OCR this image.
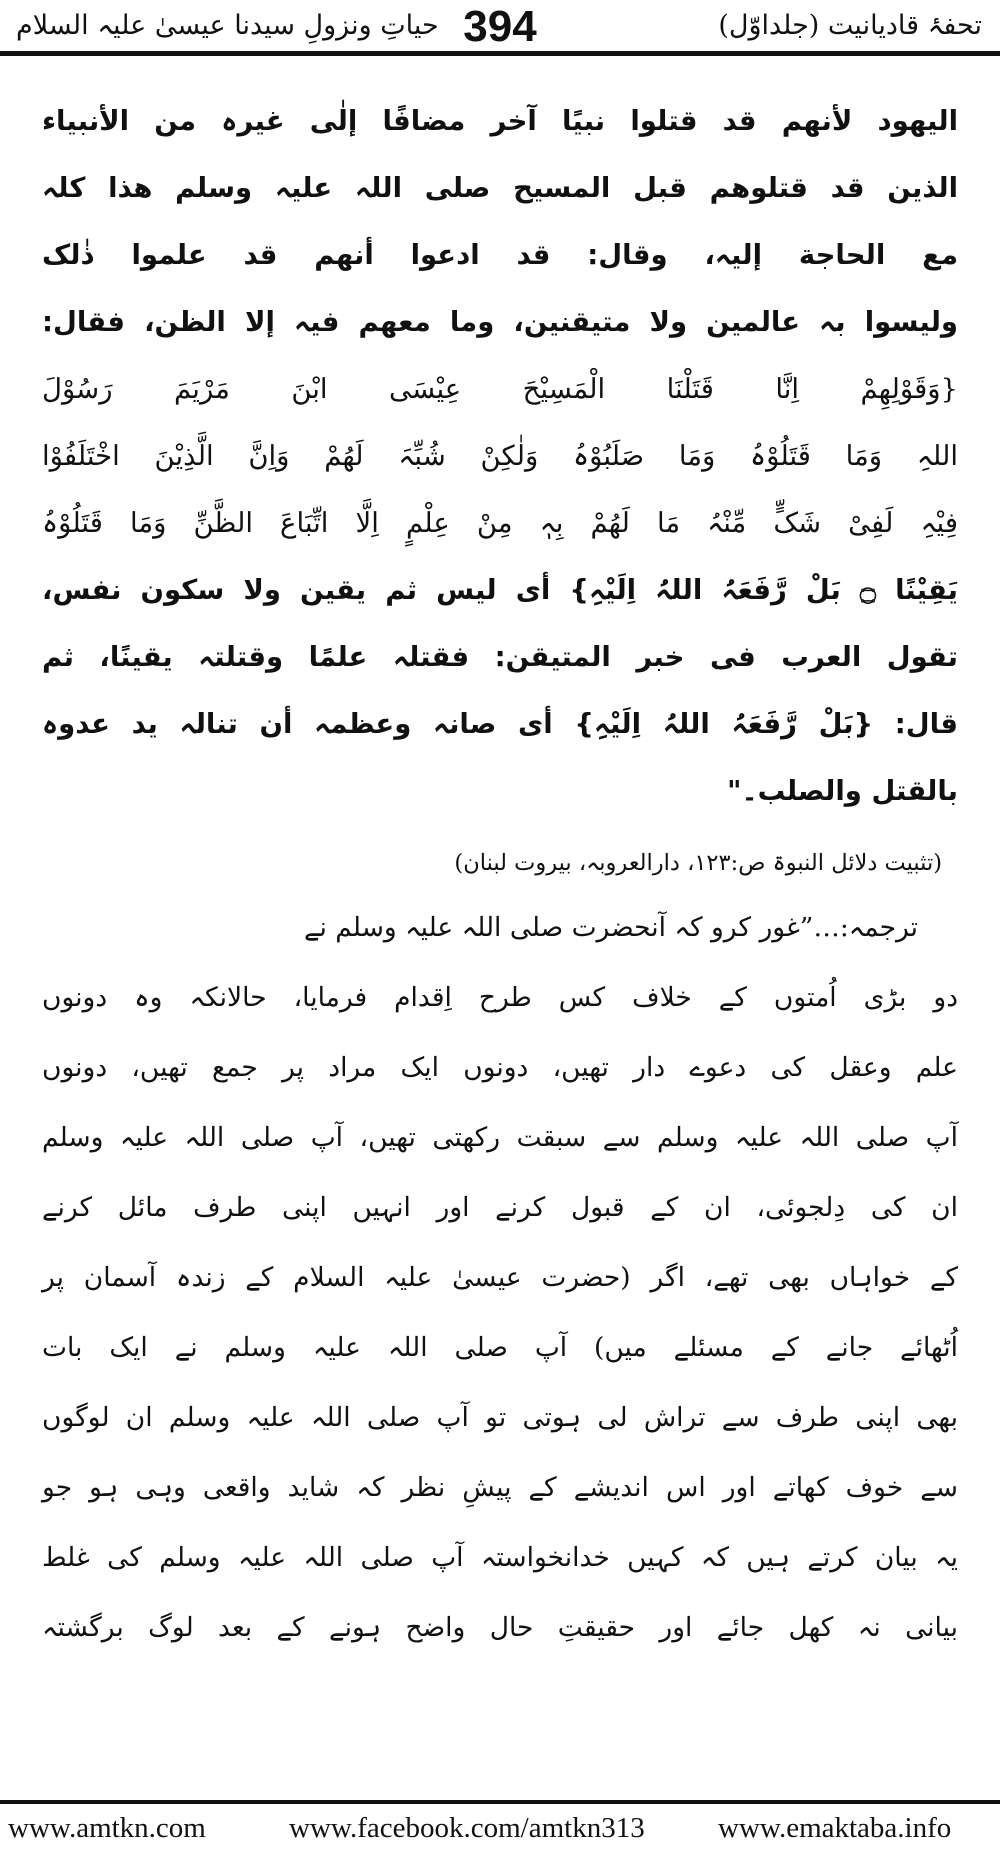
تحفۂ قادیانیت (جلداوّل)
394
حیاتِ ونزولِ سیدنا عیسیٰ علیہ السلام

الیھود لأنھم قد قتلوا نبیًا آخر مضافًا إلٰی غیرہ من الأنبیاء

الذین قد قتلوھم قبل المسیح صلی اللہ علیہ وسلم ھذا کلہ

مع الحاجة إلیہ، وقال: قد ادعوا أنھم قد علموا ذٰلک

ولیسوا بہ عالمین ولا متیقنین، وما معھم فیہ إلا الظن، فقال:

{وَقَوْلِھِمْ اِنَّا قَتَلْنَا الْمَسِیْحَ عِیْسَی ابْنَ مَرْیَمَ رَسُوْلَ

اللہِ وَمَا قَتَلُوْہُ وَمَا صَلَبُوْہُ وَلٰکِنْ شُبِّہَ لَھُمْ وَاِنَّ الَّذِیْنَ اخْتَلَفُوْا

فِیْہِ لَفِیْ شَکٍّ مِّنْہُ مَا لَھُمْ بِہٖ مِنْ عِلْمٍ اِلَّا اتِّبَاعَ الظَّنِّ وَمَا قَتَلُوْہُ

یَقِیْنًا ۝ بَلْ رَّفَعَہُ اللہُ اِلَیْہِ} أی لیس ثم یقین ولا سکون نفس،

تقول العرب فی خبر المتیقن: فقتلہ علمًا وقتلتہ یقینًا، ثم

قال: {بَلْ رَّفَعَہُ اللہُ اِلَیْہِ} أی صانہ وعظمہ أن تنالہ ید عدوہ

بالقتل والصلب۔"

(تثبیت دلائل النبوۃ ص:۱۲۳، دارالعروبہ، بیروت لبنان)

ترجمہ:…”غور کرو کہ آنحضرت صلی اللہ علیہ وسلم نے

دو بڑی اُمتوں کے خلاف کس طرح اِقدام فرمایا، حالانکہ وہ دونوں

علم وعقل کی دعوے دار تھیں، دونوں ایک مراد پر جمع تھیں، دونوں

آپ صلی اللہ علیہ وسلم سے سبقت رکھتی تھیں، آپ صلی اللہ علیہ وسلم

ان کی دِلجوئی، ان کے قبول کرنے اور انہیں اپنی طرف مائل کرنے

کے خواہاں بھی تھے، اگر (حضرت عیسیٰ علیہ السلام کے زندہ آسمان پر

اُٹھائے جانے کے مسئلے میں) آپ صلی اللہ علیہ وسلم نے ایک بات

بھی اپنی طرف سے تراش لی ہوتی تو آپ صلی اللہ علیہ وسلم ان لوگوں

سے خوف کھاتے اور اس اندیشے کے پیشِ نظر کہ شاید واقعی وہی ہو جو

یہ بیان کرتے ہیں کہ کہیں خدانخواستہ آپ صلی اللہ علیہ وسلم کی غلط

بیانی نہ کھل جائے اور حقیقتِ حال واضح ہونے کے بعد لوگ برگشتہ

www.amtkn.com	www.facebook.com/amtkn313	www.emaktaba.info
